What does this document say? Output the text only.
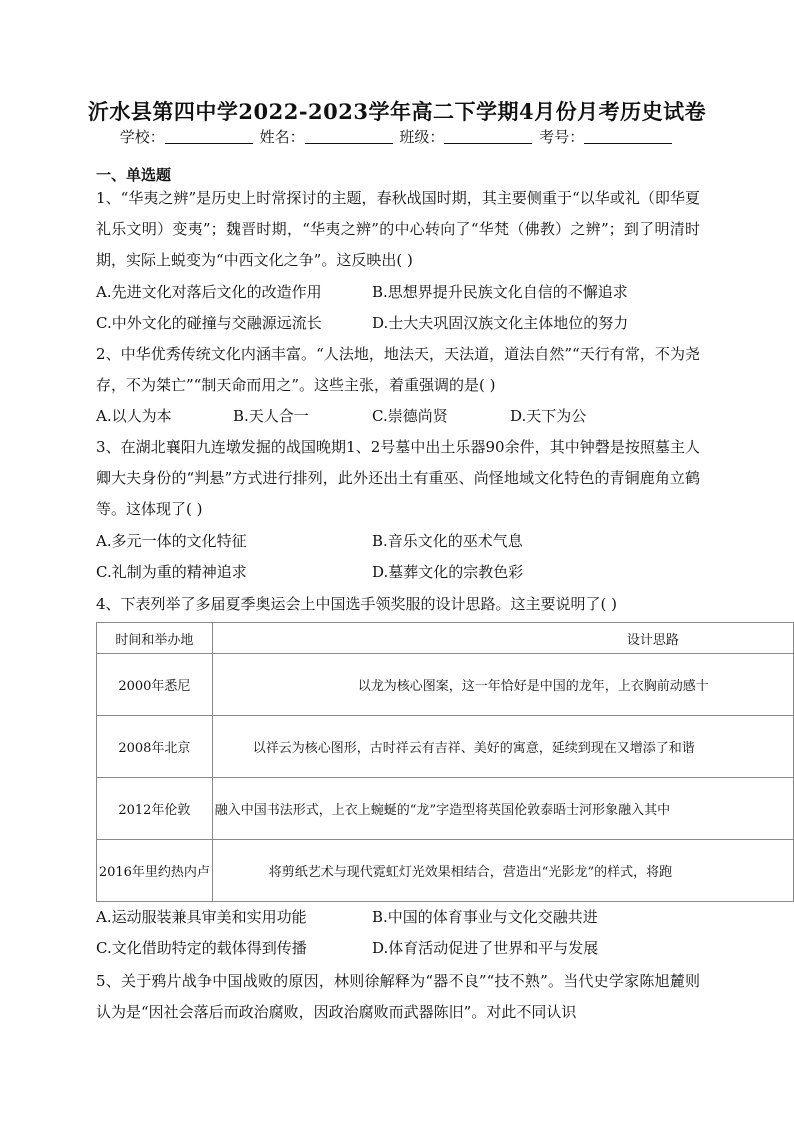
沂水县第四中学2022-2023学年高二下学期4月份月考历史试卷
学校：	姓名：	班级：	考号：
一、单选题
1、“华夷之辨”是历史上时常探讨的主题，春秋战国时期，其主要侧重于“以华或礼（即华夏礼乐文明）变夷”；魏晋时期，“华夷之辨”的中心转向了“华梵（佛教）之辨”；到了明清时期，实际上蜕变为“中西文化之争”。这反映出( )
A.先进文化对落后文化的改造作用	B.思想界提升民族文化自信的不懈追求
C.中外文化的碰撞与交融源远流长	D.士大夫巩固汉族文化主体地位的努力
2、中华优秀传统文化内涵丰富。“人法地，地法天，天法道，道法自然”“天行有常，不为尧存，不为桀亡”“制天命而用之”。这些主张，着重强调的是( )
A.以人为本	B.天人合一	C.崇德尚贤	D.天下为公
3、在湖北襄阳九连墩发掘的战国晚期1、2号墓中出土乐器90余件，其中钟磬是按照墓主人卿大夫身份的“判悬”方式进行排列，此外还出土有重巫、尚怪地域文化特色的青铜鹿角立鹤等。这体现了( )
A.多元一体的文化特征	B.音乐文化的巫术气息
C.礼制为重的精神追求	D.墓葬文化的宗教色彩
4、下表列举了多届夏季奥运会上中国选手领奖服的设计思路。这主要说明了( )
时间和举办地	设计思路
2000年悉尼	以龙为核心图案，这一年恰好是中国的龙年，上衣胸前动感十
2008年北京	以祥云为核心图形，古时祥云有吉祥、美好的寓意，延续到现在又增添了和谐
2012年伦敦	融入中国书法形式，上衣上蜿蜒的“龙”字造型将英国伦敦泰晤士河形象融入其中
2016年里约热内卢	将剪纸艺术与现代霓虹灯光效果相结合，营造出“光影龙”的样式，将跑
A.运动服装兼具审美和实用功能	B.中国的体育事业与文化交融共进
C.文化借助特定的载体得到传播	D.体育活动促进了世界和平与发展
5、关于鸦片战争中国战败的原因，林则徐解释为“器不良”“技不熟”。当代史学家陈旭麓则认为是“因社会落后而政治腐败，因政治腐败而武器陈旧”。对此不同认识
